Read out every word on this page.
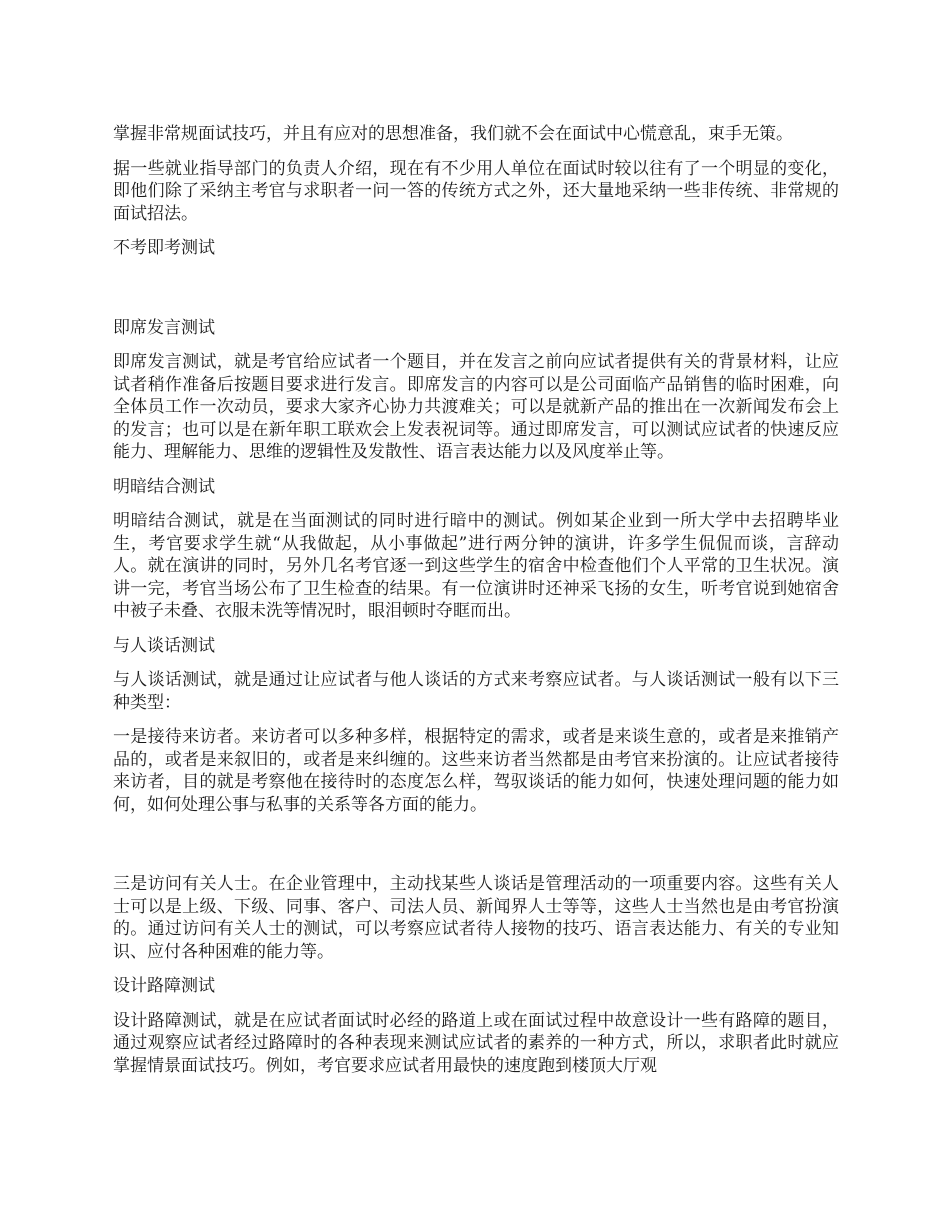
掌握非常规面试技巧，并且有应对的思想准备，我们就不会在面试中心慌意乱，束手无策。

据一些就业指导部门的负责人介绍，现在有不少用人单位在面试时较以往有了一个明显的变化，即他们除了采纳主考官与求职者一问一答的传统方式之外，还大量地采纳一些非传统、非常规的面试招法。

不考即考测试

即席发言测试

即席发言测试，就是考官给应试者一个题目，并在发言之前向应试者提供有关的背景材料，让应试者稍作准备后按题目要求进行发言。即席发言的内容可以是公司面临产品销售的临时困难，向全体员工作一次动员，要求大家齐心协力共渡难关；可以是就新产品的推出在一次新闻发布会上的发言；也可以是在新年职工联欢会上发表祝词等。通过即席发言，可以测试应试者的快速反应能力、理解能力、思维的逻辑性及发散性、语言表达能力以及风度举止等。

明暗结合测试

明暗结合测试，就是在当面测试的同时进行暗中的测试。例如某企业到一所大学中去招聘毕业生，考官要求学生就“从我做起，从小事做起”进行两分钟的演讲，许多学生侃侃而谈，言辞动人。就在演讲的同时，另外几名考官逐一到这些学生的宿舍中检查他们个人平常的卫生状况。演讲一完，考官当场公布了卫生检查的结果。有一位演讲时还神采飞扬的女生，听考官说到她宿舍中被子未叠、衣服未洗等情况时，眼泪顿时夺眶而出。

与人谈话测试

与人谈话测试，就是通过让应试者与他人谈话的方式来考察应试者。与人谈话测试一般有以下三种类型：

一是接待来访者。来访者可以多种多样，根据特定的需求，或者是来谈生意的，或者是来推销产品的，或者是来叙旧的，或者是来纠缠的。这些来访者当然都是由考官来扮演的。让应试者接待来访者，目的就是考察他在接待时的态度怎么样，驾驭谈话的能力如何，快速处理问题的能力如何，如何处理公事与私事的关系等各方面的能力。

三是访问有关人士。在企业管理中，主动找某些人谈话是管理活动的一项重要内容。这些有关人士可以是上级、下级、同事、客户、司法人员、新闻界人士等等，这些人士当然也是由考官扮演的。通过访问有关人士的测试，可以考察应试者待人接物的技巧、语言表达能力、有关的专业知识、应付各种困难的能力等。

设计路障测试

设计路障测试，就是在应试者面试时必经的路道上或在面试过程中故意设计一些有路障的题目，通过观察应试者经过路障时的各种表现来测试应试者的素养的一种方式，所以，求职者此时就应掌握情景面试技巧。例如，考官要求应试者用最快的速度跑到楼顶大厅观
